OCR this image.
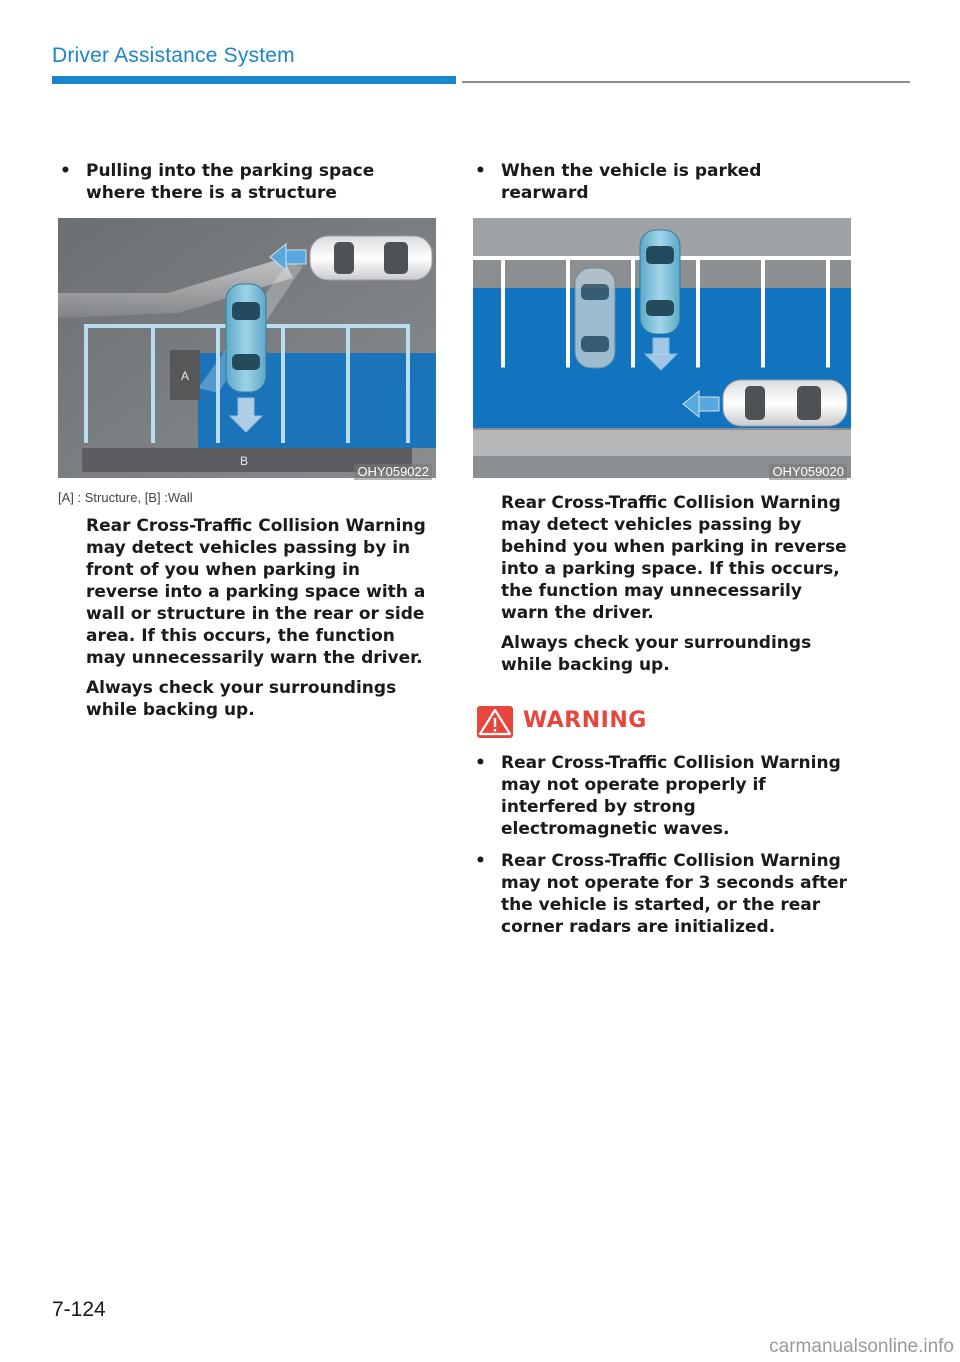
Driver Assistance System
• Pulling into the parking space where there is a structure
A
B
OHY059022
[A] : Structure, [B] :Wall
Rear Cross-Traffic Collision Warning may detect vehicles passing by in front of you when parking in reverse into a parking space with a wall or structure in the rear or side area. If this occurs, the function may unnecessarily warn the driver.
Always check your surroundings while backing up.
• When the vehicle is parked rearward
OHY059020
Rear Cross-Traffic Collision Warning may detect vehicles passing by behind you when parking in reverse into a parking space. If this occurs, the function may unnecessarily warn the driver.
Always check your surroundings while backing up.
WARNING
• Rear Cross-Traffic Collision Warning may not operate properly if interfered by strong electromagnetic waves.
• Rear Cross-Traffic Collision Warning may not operate for 3 seconds after the vehicle is started, or the rear corner radars are initialized.
7-124
carmanualsonline.info
